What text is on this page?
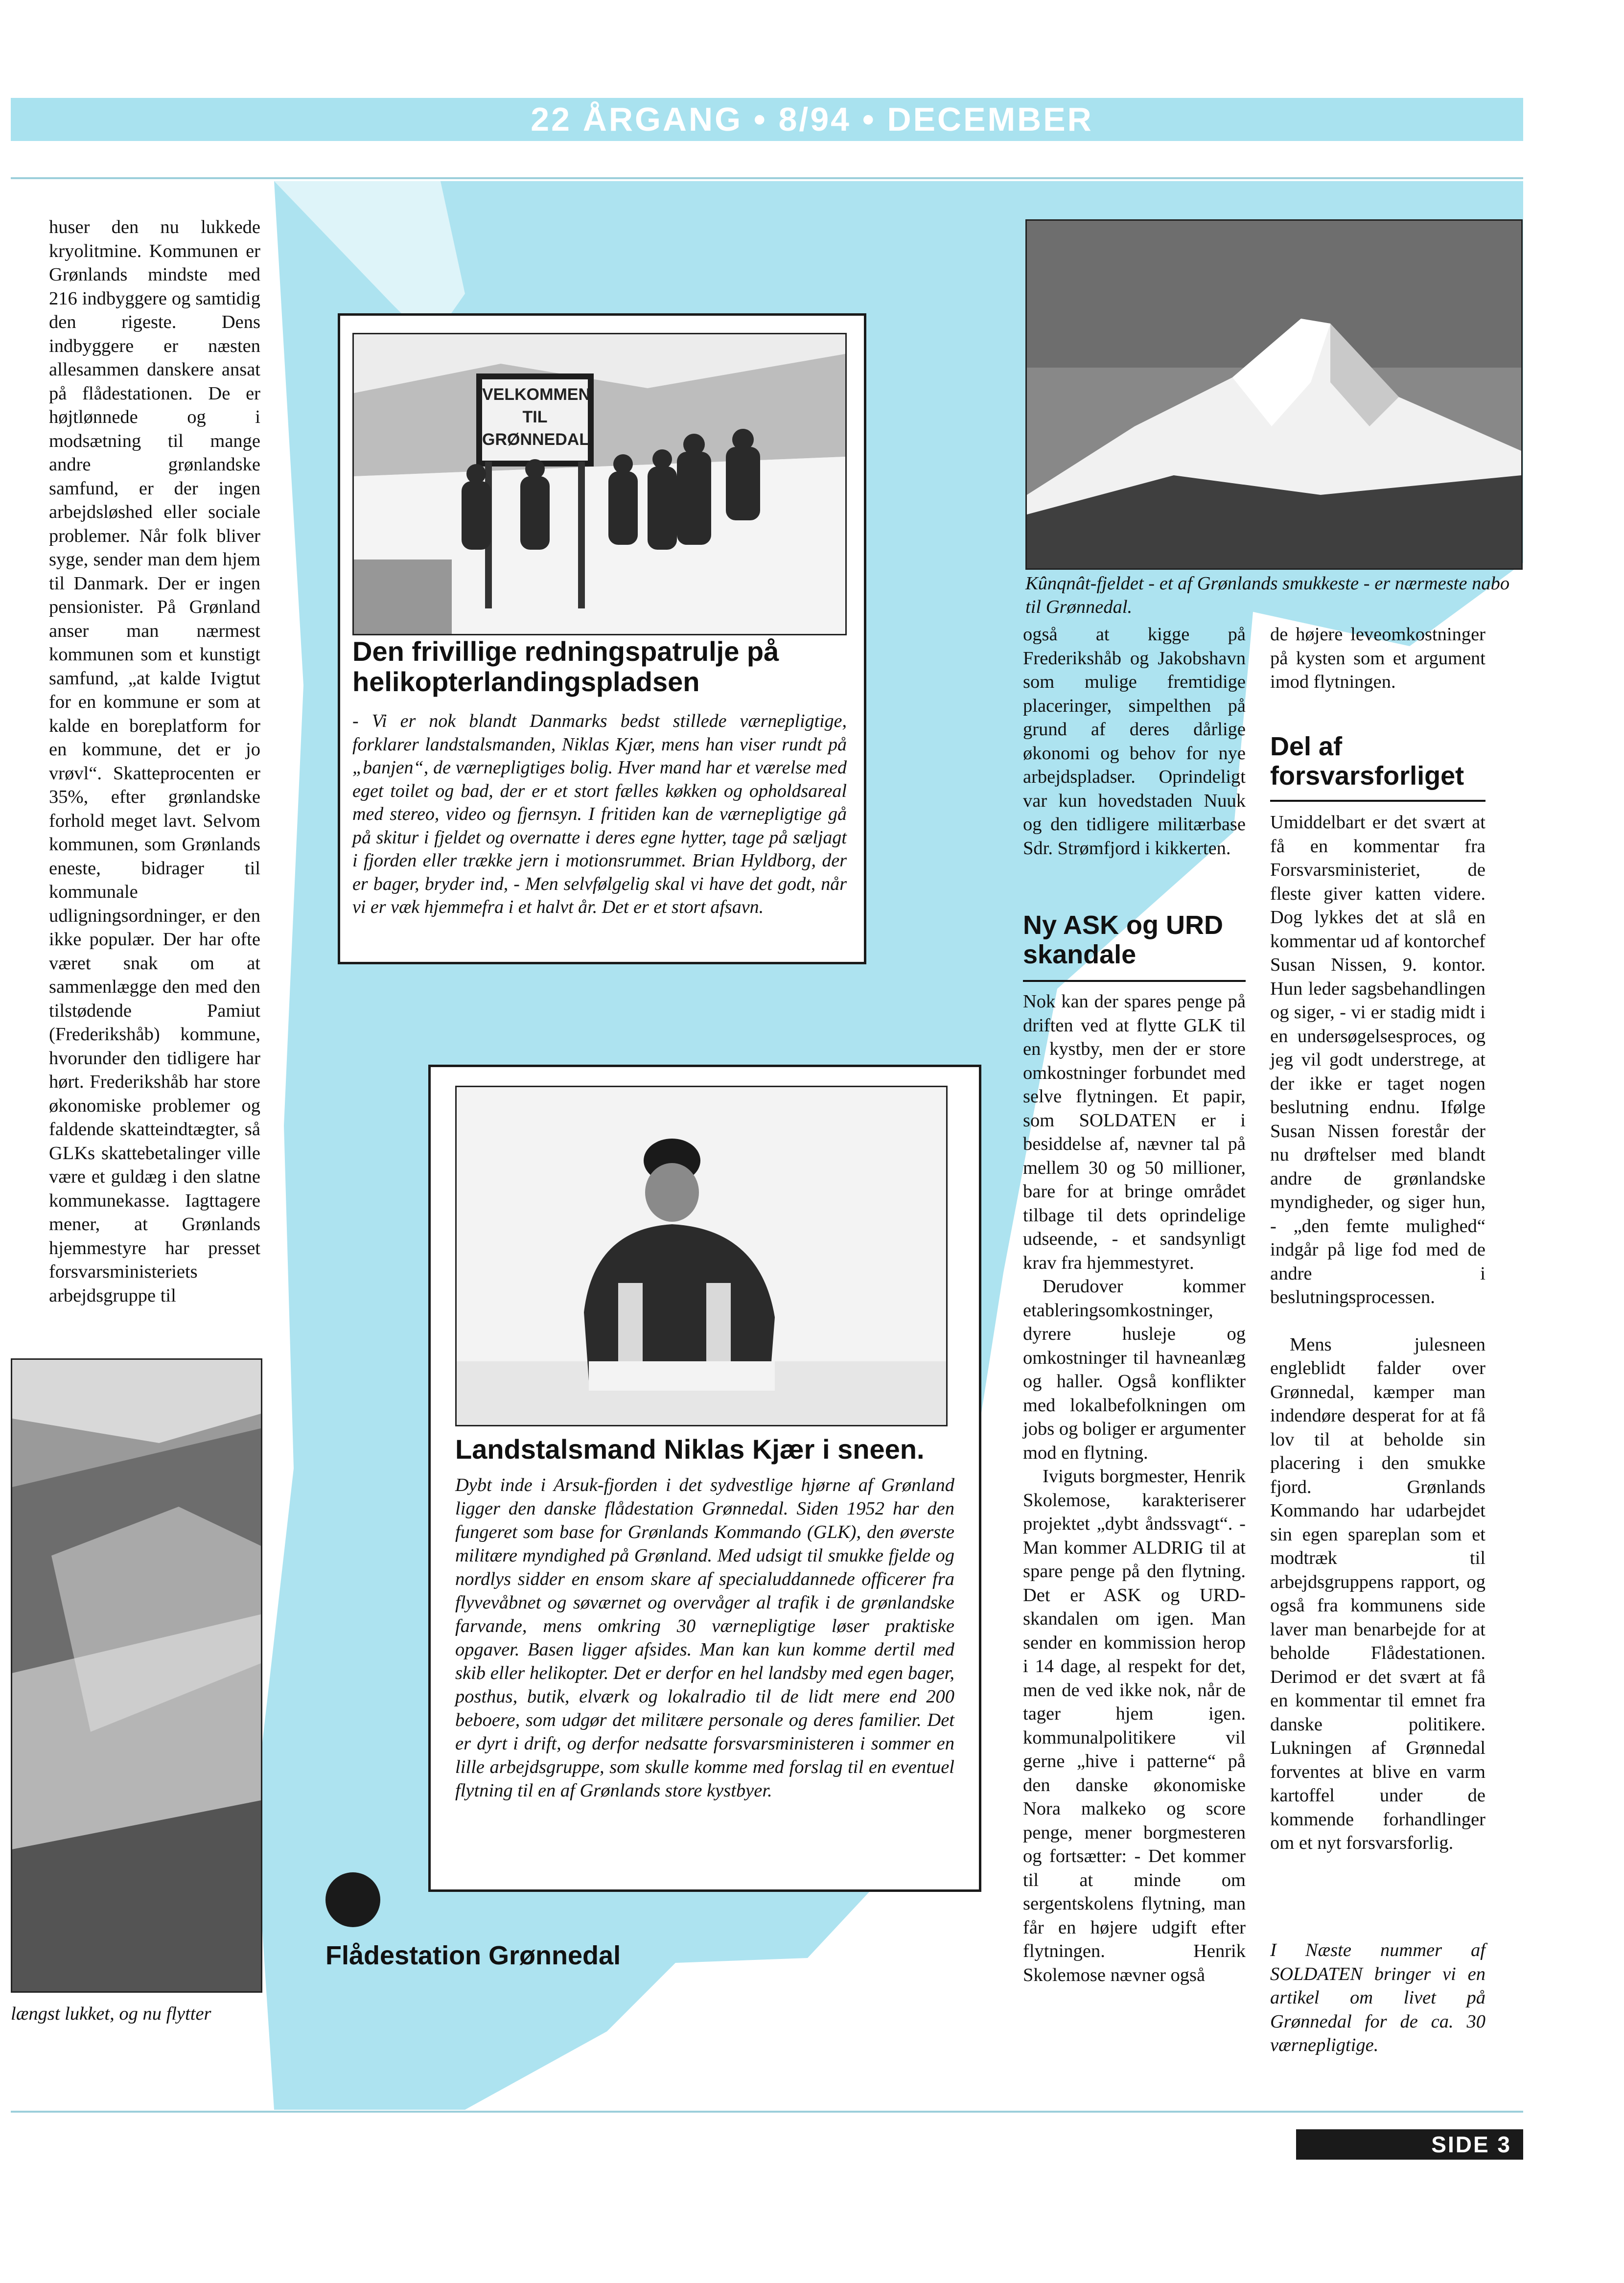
22 ÅRGANG • 8/94 • DECEMBER

huser den nu lukkede kryolitmine. Kommunen er Grønlands mindste med 216 indbyggere og samtidig den rigeste. Dens indbyggere er næsten allesammen danskere ansat på flådestationen. De er højtlønnede og i modsætning til mange andre grønlandske samfund, er der ingen arbejdsløshed eller sociale problemer. Når folk bliver syge, sender man dem hjem til Danmark. Der er ingen pensionister. På Grønland anser man nærmest kommunen som et kunstigt samfund, „at kalde Ivigtut for en kommune er som at kalde en boreplatform for en kommune, det er jo vrøvl“. Skatteprocenten er 35%, efter grønlandske forhold meget lavt. Selvom kommunen, som Grønlands eneste, bidrager til kommunale udligningsordninger, er den ikke populær. Der har ofte været snak om at sammenlægge den med den tilstødende Pamiut (Frederikshåb) kommune, hvorunder den tidligere har hørt. Frederikshåb har store økonomiske problemer og faldende skatteindtægter, så GLKs skattebetalinger ville være et guldæg i den slatne kommunekasse. Iagttagere mener, at Grønlands hjemmestyre har presset forsvarsministeriets arbejdsgruppe til

længst lukket, og nu flytter
VELKOMMEN TIL GRØNNEDAL
Den frivillige redningspatrulje på helikopterlandingspladsen
- Vi er nok blandt Danmarks bedst stillede værnepligtige, forklarer landstalsmanden, Niklas Kjær, mens han viser rundt på „banjen“, de værnepligtiges bolig. Hver mand har et værelse med eget toilet og bad, der er et stort fælles køkken og opholdsareal med stereo, video og fjernsyn. I fritiden kan de værnepligtige gå på skitur i fjeldet og overnatte i deres egne hytter, tage på sæljagt i fjorden eller trække jern i motionsrummet. Brian Hyldborg, der er bager, bryder ind, - Men selvfølgelig skal vi have det godt, når vi er væk hjemmefra i et halvt år. Det er et stort afsavn.
Landstalsmand Niklas Kjær i sneen.
Dybt inde i Arsuk-fjorden i det sydvestlige hjørne af Grønland ligger den danske flådestation Grønnedal. Siden 1952 har den fungeret som base for Grønlands Kommando (GLK), den øverste militære myndighed på Grønland. Med udsigt til smukke fjelde og nordlys sidder en ensom skare af specialuddannede officerer fra flyvevåbnet og søværnet og overvåger al trafik i de grønlandske farvande, mens omkring 30 værnepligtige løser praktiske opgaver. Basen ligger afsides. Man kan kun komme dertil med skib eller helikopter. Det er derfor en hel landsby med egen bager, posthus, butik, elværk og lokalradio til de lidt mere end 200 beboere, som udgør det militære personale og deres familier. Det er dyrt i drift, og derfor nedsatte forsvarsministeren i sommer en lille arbejdsgruppe, som skulle komme med forslag til en eventuel flytning til en af Grønlands store kystbyer.
Flådestation Grønnedal
Kûnqnât-fjeldet - et af Grønlands smukkeste - er nærmeste nabo til Grønnedal.
også at kigge på Frederikshåb og Jakobshavn som mulige fremtidige placeringer, simpelthen på grund af deres dårlige økonomi og behov for nye arbejdspladser. Oprindeligt var kun hovedstaden Nuuk og den tidligere militærbase Sdr. Strømfjord i kikkerten.
Ny ASK og URD skandale

Nok kan der spares penge på driften ved at flytte GLK til en kystby, men der er store omkostninger forbundet med selve flytningen. Et papir, som SOLDATEN er i besiddelse af, nævner tal på mellem 30 og 50 millioner, bare for at bringe området tilbage til dets oprindelige udseende, - et sandsynligt krav fra hjemmestyret.

Derudover kommer etableringsomkostninger, dyrere husleje og omkostninger til havneanlæg og haller. Også konflikter med lokalbefolkningen om jobs og boliger er argumenter mod en flytning.

Iviguts borgmester, Henrik Skolemose, karakteriserer projektet „dybt åndssvagt“. - Man kommer ALDRIG til at spare penge på den flytning. Det er ASK og URD-skandalen om igen. Man sender en kommission herop i 14 dage, al respekt for det, men de ved ikke nok, når de tager hjem igen. kommunalpolitikere vil gerne „hive i patterne“ på den danske økonomiske Nora malkeko og score penge, mener borgmesteren og fortsætter: - Det kommer til at minde om sergentskolens flytning, man får en højere udgift efter flytningen. Henrik Skolemose nævner også

de højere leveomkostninger på kysten som et argument imod flytningen.
Del af forsvarsforliget

Umiddelbart er det svært at få en kommentar fra Forsvarsministeriet, de fleste giver katten videre. Dog lykkes det at slå en kommentar ud af kontorchef Susan Nissen, 9. kontor. Hun leder sagsbehandlingen og siger, - vi er stadig midt i en undersøgelsesproces, og jeg vil godt understrege, at der ikke er taget nogen beslutning endnu. Ifølge Susan Nissen forestår der nu drøftelser med blandt andre de grønlandske myndigheder, og siger hun, - „den femte mulighed“ indgår på lige fod med de andre i beslutningsprocessen.

Mens julesneen engleblidt falder over Grønnedal, kæmper man indendøre desperat for at få lov til at beholde sin placering i den smukke fjord. Grønlands Kommando har udarbejdet sin egen spareplan som et modtræk til arbejdsgruppens rapport, og også fra kommunens side laver man benarbejde for at beholde Flådestationen. Derimod er det svært at få en kommentar til emnet fra danske politikere. Lukningen af Grønnedal forventes at blive en varm kartoffel under de kommende forhandlinger om et nyt forsvarsforlig.

I Næste nummer af SOLDATEN bringer vi en artikel om livet på Grønnedal for de ca. 30 værnepligtige.
SIDE 3
